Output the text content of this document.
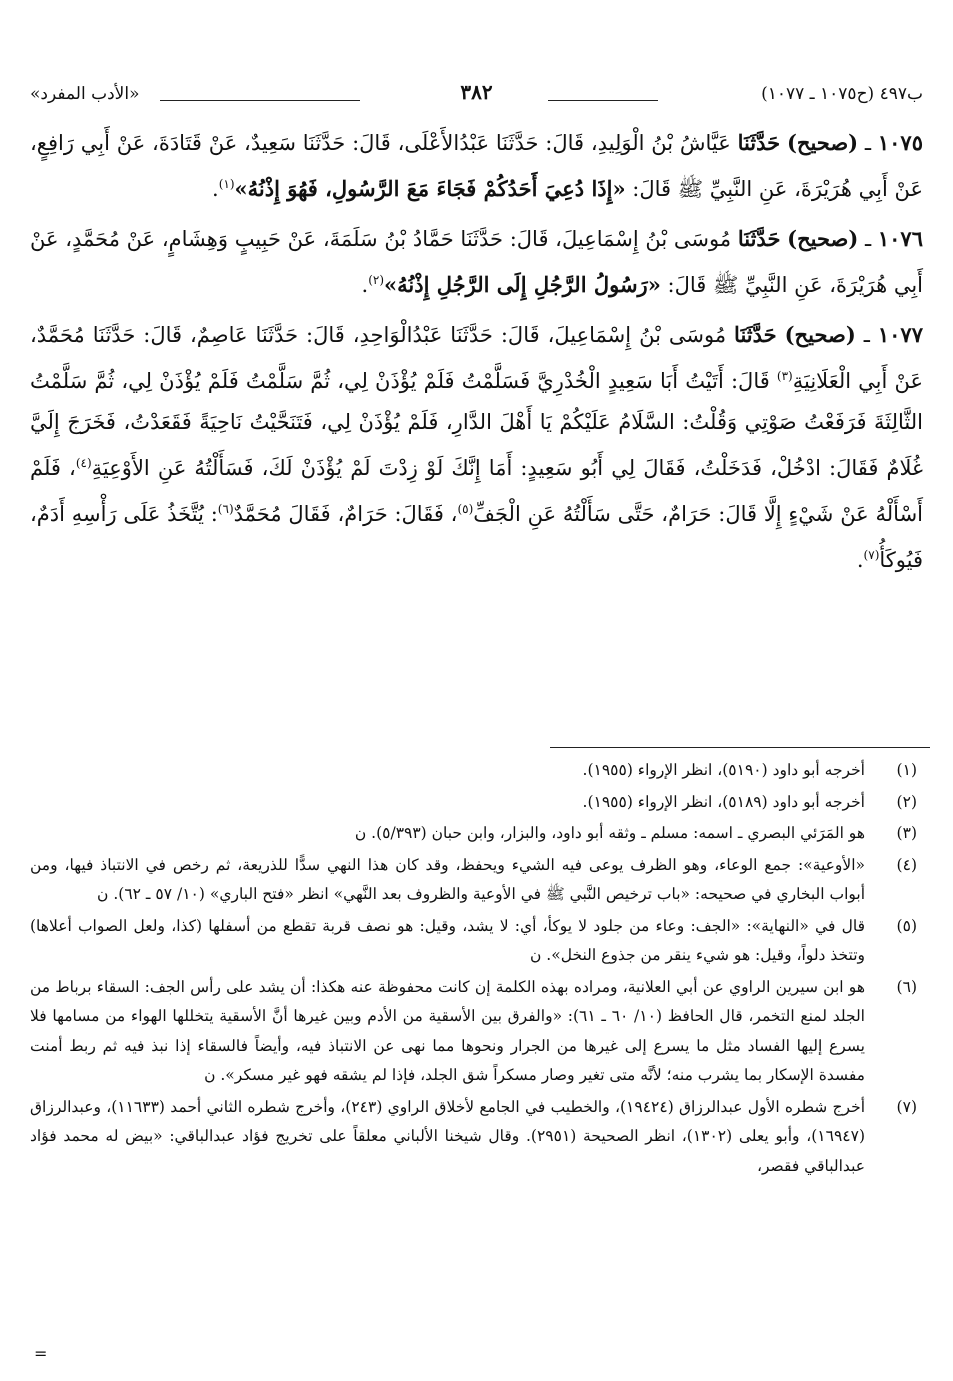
ب٤٩٧ (ح١٠٧٥ ـ ١٠٧٧)
٣٨٢
«الأدب المفرد»

١٠٧٥ ـ (صحيح) حَدَّثَنَا عَيَّاشُ بْنُ الْوَلِيدِ، قَالَ: حَدَّثَنَا عَبْدُالأَعْلَى، قَالَ: حَدَّثَنَا سَعِيدٌ، عَنْ قَتَادَةَ، عَنْ أَبِي رَافِعٍ، عَنْ أَبِي هُرَيْرَةَ، عَنِ النَّبِيِّ ﷺ قَالَ: «إِذَا دُعِيَ أَحَدُكُمْ فَجَاءَ مَعَ الرَّسُولِ، فَهُوَ إِذْنُهُ»$^{(١)}$.

١٠٧٦ ـ (صحيح) حَدَّثَنَا مُوسَى بْنُ إِسْمَاعِيلَ، قَالَ: حَدَّثَنَا حَمَّادُ بْنُ سَلَمَةَ، عَنْ حَبِيبٍ وَهِشَامٍ، عَنْ مُحَمَّدٍ، عَنْ أَبِي هُرَيْرَةَ، عَنِ النَّبِيِّ ﷺ قَالَ: «رَسُولُ الرَّجُلِ إِلَى الرَّجُلِ إِذْنُهُ»$^{(٢)}$.

١٠٧٧ ـ (صحيح) حَدَّثَنَا مُوسَى بْنُ إِسْمَاعِيلَ، قَالَ: حَدَّثَنَا عَبْدُالْوَاحِدِ، قَالَ: حَدَّثَنَا عَاصِمٌ، قَالَ: حَدَّثَنَا مُحَمَّدٌ، عَنْ أَبِي الْعَلَانِيَةِ$^{(٣)}$ قَالَ: أَتَيْتُ أَبَا سَعِيدٍ الْخُدْرِيَّ فَسَلَّمْتُ فَلَمْ يُؤْذَنْ لِي، ثُمَّ سَلَّمْتُ فَلَمْ يُؤْذَنْ لِي، ثُمَّ سَلَّمْتُ الثَّالِثَةَ فَرَفَعْتُ صَوْتِي وَقُلْتُ: السَّلَامُ عَلَيْكُمْ يَا أَهْلَ الدَّارِ، فَلَمْ يُؤْذَنْ لِي، فَتَنَحَّيْتُ نَاحِيَةً فَقَعَدْتُ، فَخَرَجَ إِلَيَّ غُلَامٌ فَقَالَ: ادْخُلْ، فَدَخَلْتُ، فَقَالَ لِي أَبُو سَعِيدٍ: أَمَا إِنَّكَ لَوْ زِدْتَ لَمْ يُؤْذَنْ لَكَ، فَسَأَلْتُهُ عَنِ الأَوْعِيَةِ$^{(٤)}$، فَلَمْ أَسْأَلْهُ عَنْ شَيْءٍ إِلَّا قَالَ: حَرَامٌ، حَتَّى سَأَلْتُهُ عَنِ الْجَفِّ$^{(٥)}$، فَقَالَ: حَرَامٌ، فَقَالَ مُحَمَّدٌ$^{(٦)}$: يُتَّخَذُ عَلَى رَأْسِهِ أَدَمٌ، فَيُوكَأُ$^{(٧)}$.

(١)
أخرجه أبو داود (٥١٩٠)، انظر الإرواء (١٩٥٥).
(٢)
أخرجه أبو داود (٥١٨٩)، انظر الإرواء (١٩٥٥).
(٣)
هو المَرَئي البصري ـ اسمه: مسلم ـ وثقه أبو داود، والبزار، وابن حبان (٥/٣٩٣). ن
(٤)
«الأوعية»: جمع الوعاء، وهو الظرف يوعى فيه الشيء ويحفظ، وقد كان هذا النهي سدًّا للذريعة، ثم رخص في الانتباذ فيها، ومن أبواب البخاري في صحيحه: «باب ترخيص النَّبي ﷺ في الأوعية والظروف بعد النَّهي» انظر «فتح الباري» (١٠/ ٥٧ ـ ٦٢). ن
(٥)
قال في «النهاية»: «الجف: وعاء من جلود لا يوكأ، أي: لا يشد، وقيل: هو نصف قربة تقطع من أسفلها (كذا، ولعل الصواب أعلاها) وتتخذ دلواً، وقيل: هو شيء ينقر من جذوع النخل». ن
(٦)
هو ابن سيرين الراوي عن أبي العلانية، ومراده بهذه الكلمة إن كانت محفوظة عنه هكذا: أن يشد على رأس الجف: السقاء برباط من الجلد لمنع التخمر، قال الحافظ (١٠/ ٦٠ ـ ٦١): «والفرق بين الأسقية من الأدم وبين غيرها أنَّ الأسقية يتخللها الهواء من مسامها فلا يسرع إليها الفساد مثل ما يسرع إلى غيرها من الجرار ونحوها مما نهى عن الانتباذ فيه، وأيضاً فالسقاء إذا نبذ فيه ثم ربط أمنت مفسدة الإسكار بما يشرب منه؛ لأنَّه متى تغير وصار مسكراً شق الجلد، فإذا لم يشقه فهو غير مسكر». ن
(٧)
أخرج شطره الأول عبدالرزاق (١٩٤٢٤)، والخطيب في الجامع لأخلاق الراوي (٢٤٣)، وأخرج شطره الثاني أحمد (١١٦٣٣)، وعبدالرزاق (١٦٩٤٧)، وأبو يعلى (١٣٠٢)، انظر الصحيحة (٢٩٥١). وقال شيخنا الألباني معلقاً على تخريج فؤاد عبدالباقي: «بيض له محمد فؤاد عبدالباقي فقصر،
=
